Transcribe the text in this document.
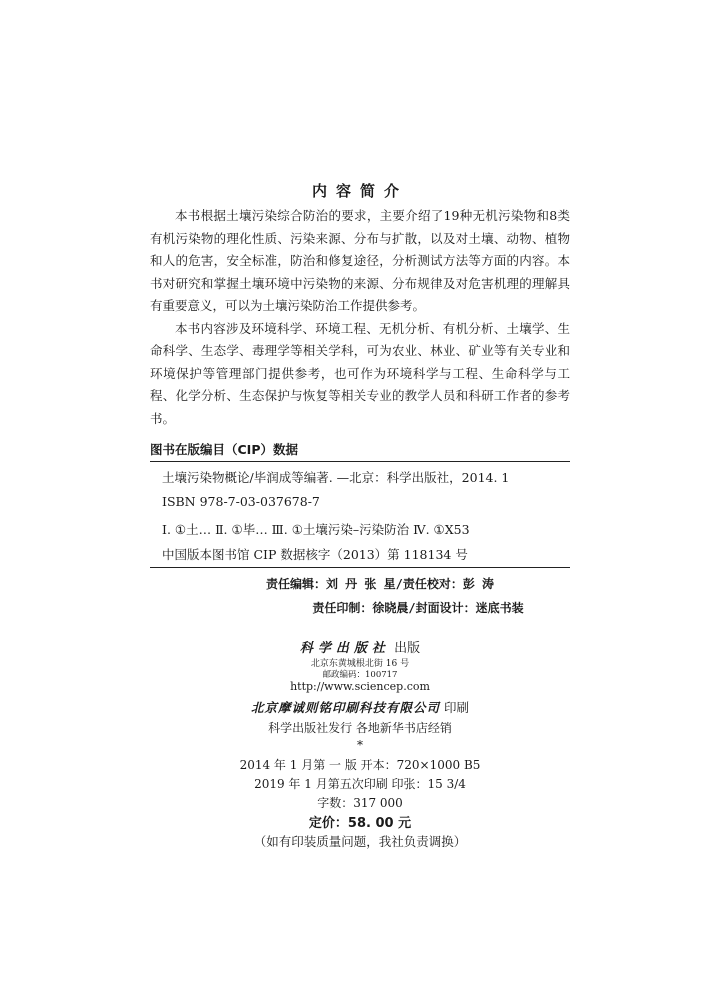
内容简介

本书根据土壤污染综合防治的要求，主要介绍了19种无机污染物和8类有机污染物的理化性质、污染来源、分布与扩散，以及对土壤、动物、植物和人的危害，安全标准，防治和修复途径，分析测试方法等方面的内容。本书对研究和掌握土壤环境中污染物的来源、分布规律及对危害机理的理解具有重要意义，可以为土壤污染防治工作提供参考。

本书内容涉及环境科学、环境工程、无机分析、有机分析、土壤学、生命科学、生态学、毒理学等相关学科，可为农业、林业、矿业等有关专业和环境保护等管理部门提供参考，也可作为环境科学与工程、生命科学与工程、化学分析、生态保护与恢复等相关专业的教学人员和科研工作者的参考书。

图书在版编目（CIP）数据
土壤污染物概论/毕润成等编著. —北京：科学出版社，2014. 1
ISBN 978-7-03-037678-7
Ⅰ. ①土… Ⅱ. ①毕… Ⅲ. ①土壤污染–污染防治 Ⅳ. ①X53
中国版本图书馆 CIP 数据核字（2013）第 118134 号
责任编辑：刘 丹 张 星/责任校对：彭 涛
责任印制：徐晓晨/封面设计：迷底书装
科学出版社 出版
北京东黄城根北街 16 号
邮政编码：100717
http://www.sciencep.com
北京摩诚则铭印刷科技有限公司 印刷
科学出版社发行 各地新华书店经销
*
2014 年 1 月第 一 版 开本：720×1000 B5
2019 年 1 月第五次印刷 印张：15 3/4
字数：317 000
定价：58. 00 元
（如有印装质量问题，我社负责调换）
